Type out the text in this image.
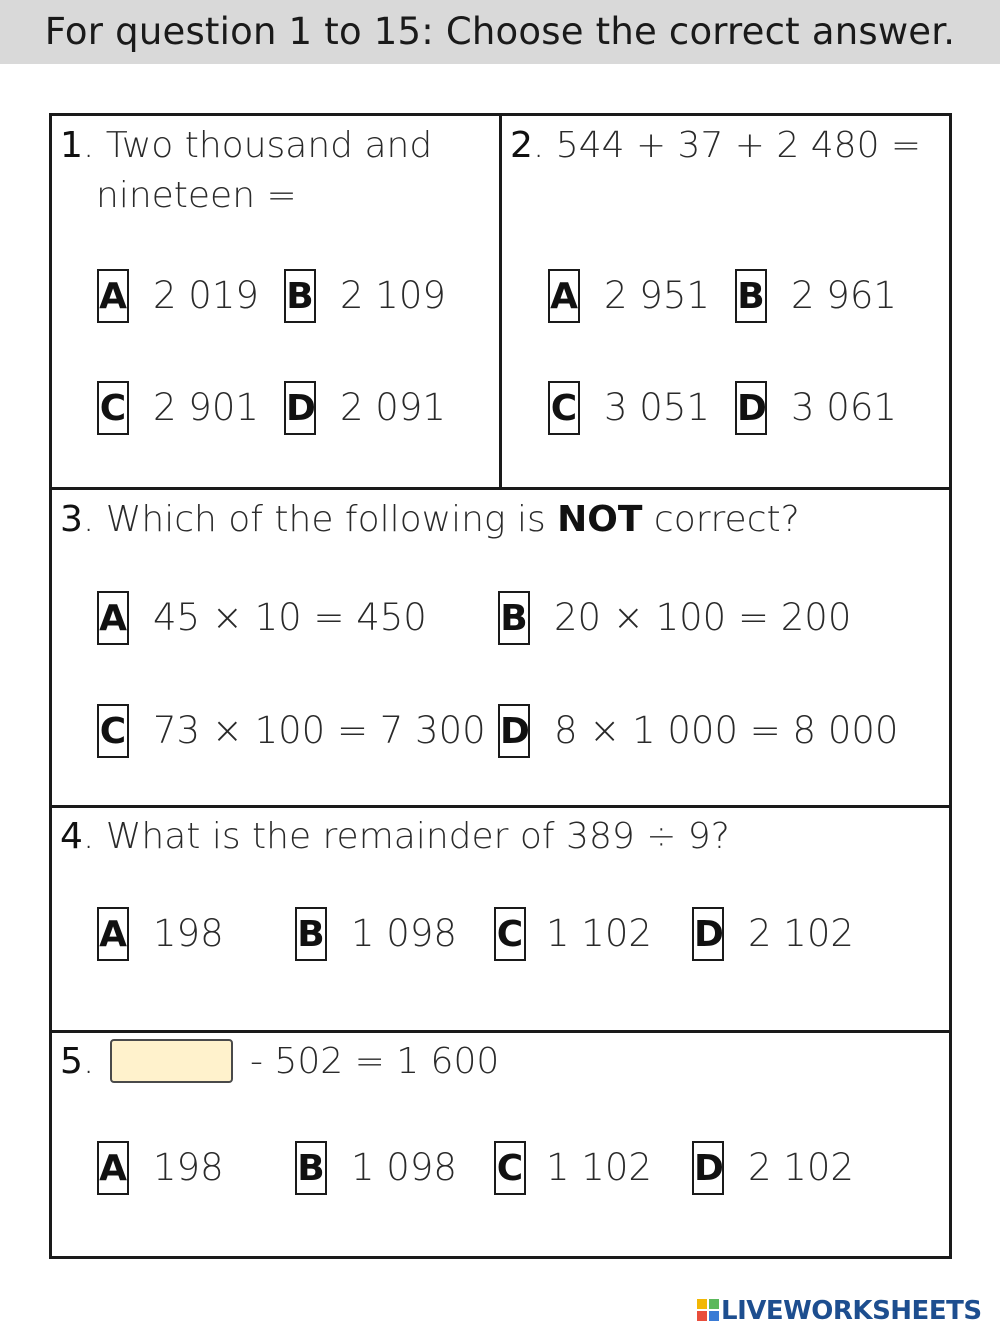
For question 1 to 15: Choose the correct answer.
1. Two thousand and
nineteen =
A 2 019 B 2 109
C 2 901 D 2 091
2. 544 + 37 + 2 480 =
A 2 951 B 2 961
C 3 051 D 3 061
3. Which of the following is NOT correct?
A 45 × 10 = 450 B 20 × 100 = 200
C 73 × 100 = 7 300 D 8 × 1 000 = 8 000
4. What is the remainder of 389 ÷ 9?
A 198 B 1 098 C 1 102 D 2 102
5.	- 502 = 1 600
A 198 B 1 098 C 1 102 D 2 102
LIVEWORKSHEETS
